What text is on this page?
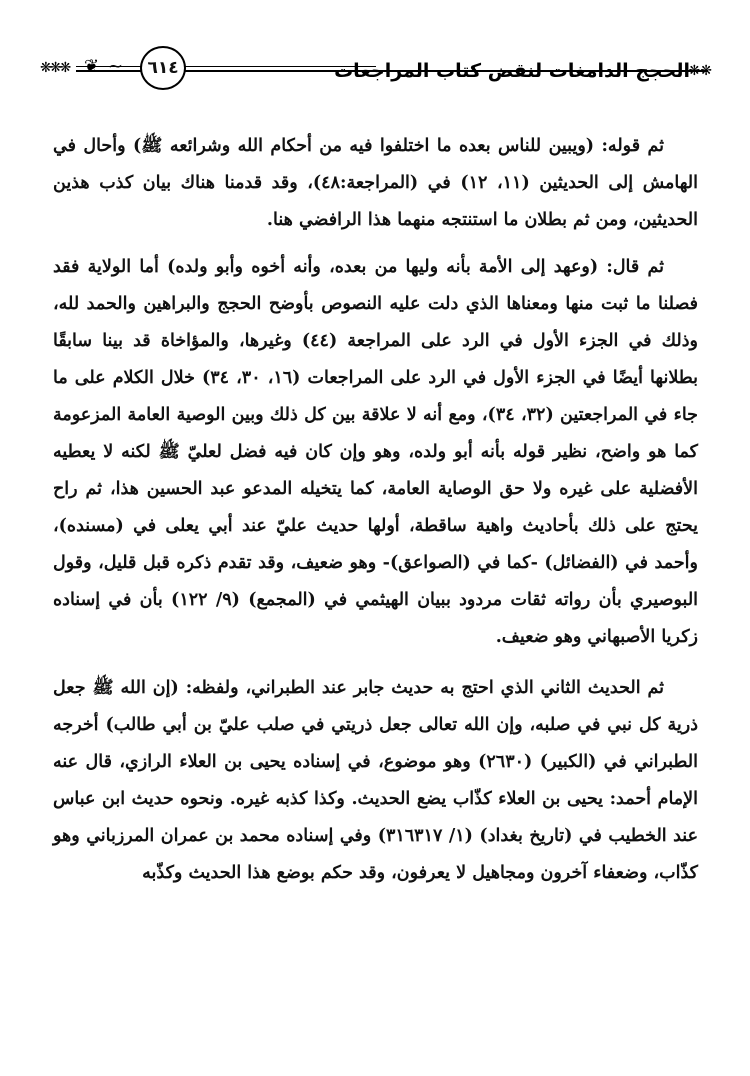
❋❋
الحجج الدامغات لنقض كتاب المراجعات
❦ ~	٦١٤
❋❋❋

ثم قوله: (ويبين للناس بعده ما اختلفوا فيه من أحكام الله وشرائعه ﷺ) وأحال في الهامش إلى الحديثين (١١، ١٢) في (المراجعة:٤٨)، وقد قدمنا هناك بيان كذب هذين الحديثين، ومن ثم بطلان ما استنتجه منهما هذا الرافضي هنا.

ثم قال: (وعهد إلى الأمة بأنه وليها من بعده، وأنه أخوه وأبو ولده) أما الولاية فقد فصلنا ما ثبت منها ومعناها الذي دلت عليه النصوص بأوضح الحجج والبراهين والحمد لله، وذلك في الجزء الأول في الرد على المراجعة (٤٤) وغيرها، والمؤاخاة قد بينا سابقًا بطلانها أيضًا في الجزء الأول في الرد على المراجعات (١٦، ٣٠، ٣٤) خلال الكلام على ما جاء في المراجعتين (٣٢، ٣٤)، ومع أنه لا علاقة بين كل ذلك وبين الوصية العامة المزعومة كما هو واضح، نظير قوله بأنه أبو ولده، وهو وإن كان فيه فضل لعليّ ﷺ لكنه لا يعطيه الأفضلية على غيره ولا حق الوصاية العامة، كما يتخيله المدعو عبد الحسين هذا، ثم راح يحتج على ذلك بأحاديث واهية ساقطة، أولها حديث عليّ عند أبي يعلى في (مسنده)، وأحمد في (الفضائل) -كما في (الصواعق)- وهو ضعيف، وقد تقدم ذكره قبل قليل، وقول البوصيري بأن رواته ثقات مردود ببيان الهيثمي في (المجمع) (٩/ ١٢٢) بأن في إسناده زكريا الأصبهاني وهو ضعيف.

ثم الحديث الثاني الذي احتج به حديث جابر عند الطبراني، ولفظه: (إن الله ﷺ جعل ذرية كل نبي في صلبه، وإن الله تعالى جعل ذريتي في صلب عليّ بن أبي طالب) أخرجه الطبراني في (الكبير) (٢٦٣٠) وهو موضوع، في إسناده يحيى بن العلاء الرازي، قال عنه الإمام أحمد: يحيى بن العلاء كذّاب يضع الحديث. وكذا كذبه غيره. ونحوه حديث ابن عباس عند الخطيب في (تاريخ بغداد) (١/ ٣١٦٣١٧) وفي إسناده محمد بن عمران المرزباني وهو كذّاب، وضعفاء آخرون ومجاهيل لا يعرفون، وقد حكم بوضع هذا الحديث وكذّبه
